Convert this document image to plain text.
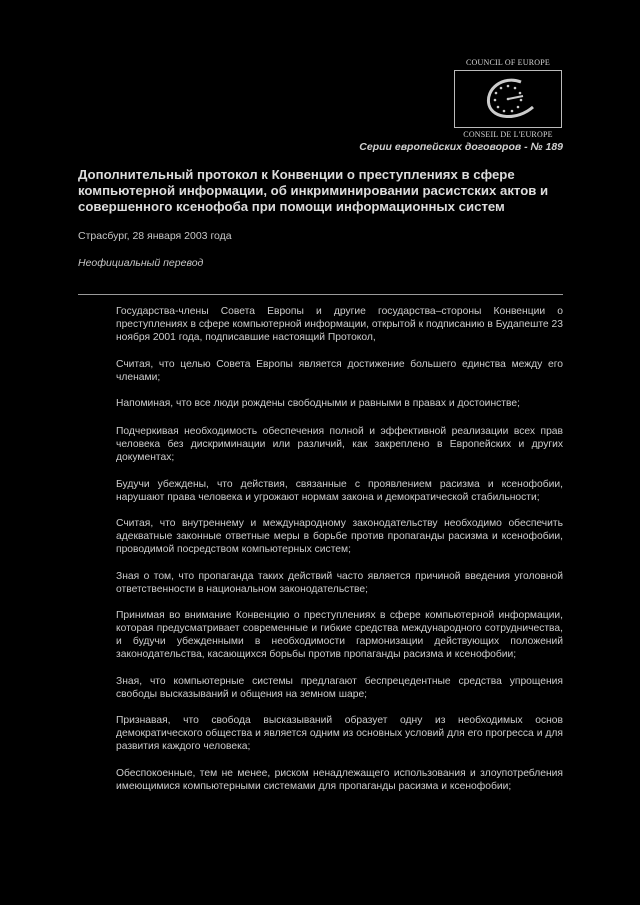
COUNCIL OF EUROPE
CONSEIL DE L'EUROPE
Серии европейских договоров - № 189
Дополнительный протокол к Конвенции о преступлениях в сфере компьютерной информации, об инкриминировании расистских актов и совершенного ксенофоба при помощи информационных систем
Страсбург, 28 января 2003 года
Неофициальный перевод

Государства-члены Совета Европы и другие государства–стороны Конвенции о преступлениях в сфере компьютерной информации, открытой к подписанию в Будапеште 23 ноября 2001 года, подписавшие настоящий Протокол,

Считая, что целью Совета Европы является достижение большего единства между его членами;

Напоминая, что все люди рождены свободными и равными в правах и достоинстве;

Подчеркивая необходимость обеспечения полной и эффективной реализации всех прав человека без дискриминации или различий, как закреплено в Европейских и других документах;

Будучи убеждены, что действия, связанные с проявлением расизма и ксенофобии, нарушают права человека и угрожают нормам закона и демократической стабильности;

Считая, что внутреннему и международному законодательству необходимо обеспечить адекватные законные ответные меры в борьбе против пропаганды расизма и ксенофобии, проводимой посредством компьютерных систем;

Зная о том, что пропаганда таких действий часто является причиной введения уголовной ответственности в национальном законодательстве;

Принимая во внимание Конвенцию о преступлениях в сфере компьютерной информации, которая предусматривает современные и гибкие средства международного сотрудничества, и будучи убежденными в необходимости гармонизации действующих положений законодательства, касающихся борьбы против пропаганды расизма и ксенофобии;

Зная, что компьютерные системы предлагают беспрецедентные средства упрощения свободы высказываний и общения на земном шаре;

Признавая, что свобода высказываний образует одну из необходимых основ демократического общества и является одним из основных условий для его прогресса и для развития каждого человека;

Обеспокоенные, тем не менее, риском ненадлежащего использования и злоупотребления имеющимися компьютерными системами для пропаганды расизма и ксенофобии;
